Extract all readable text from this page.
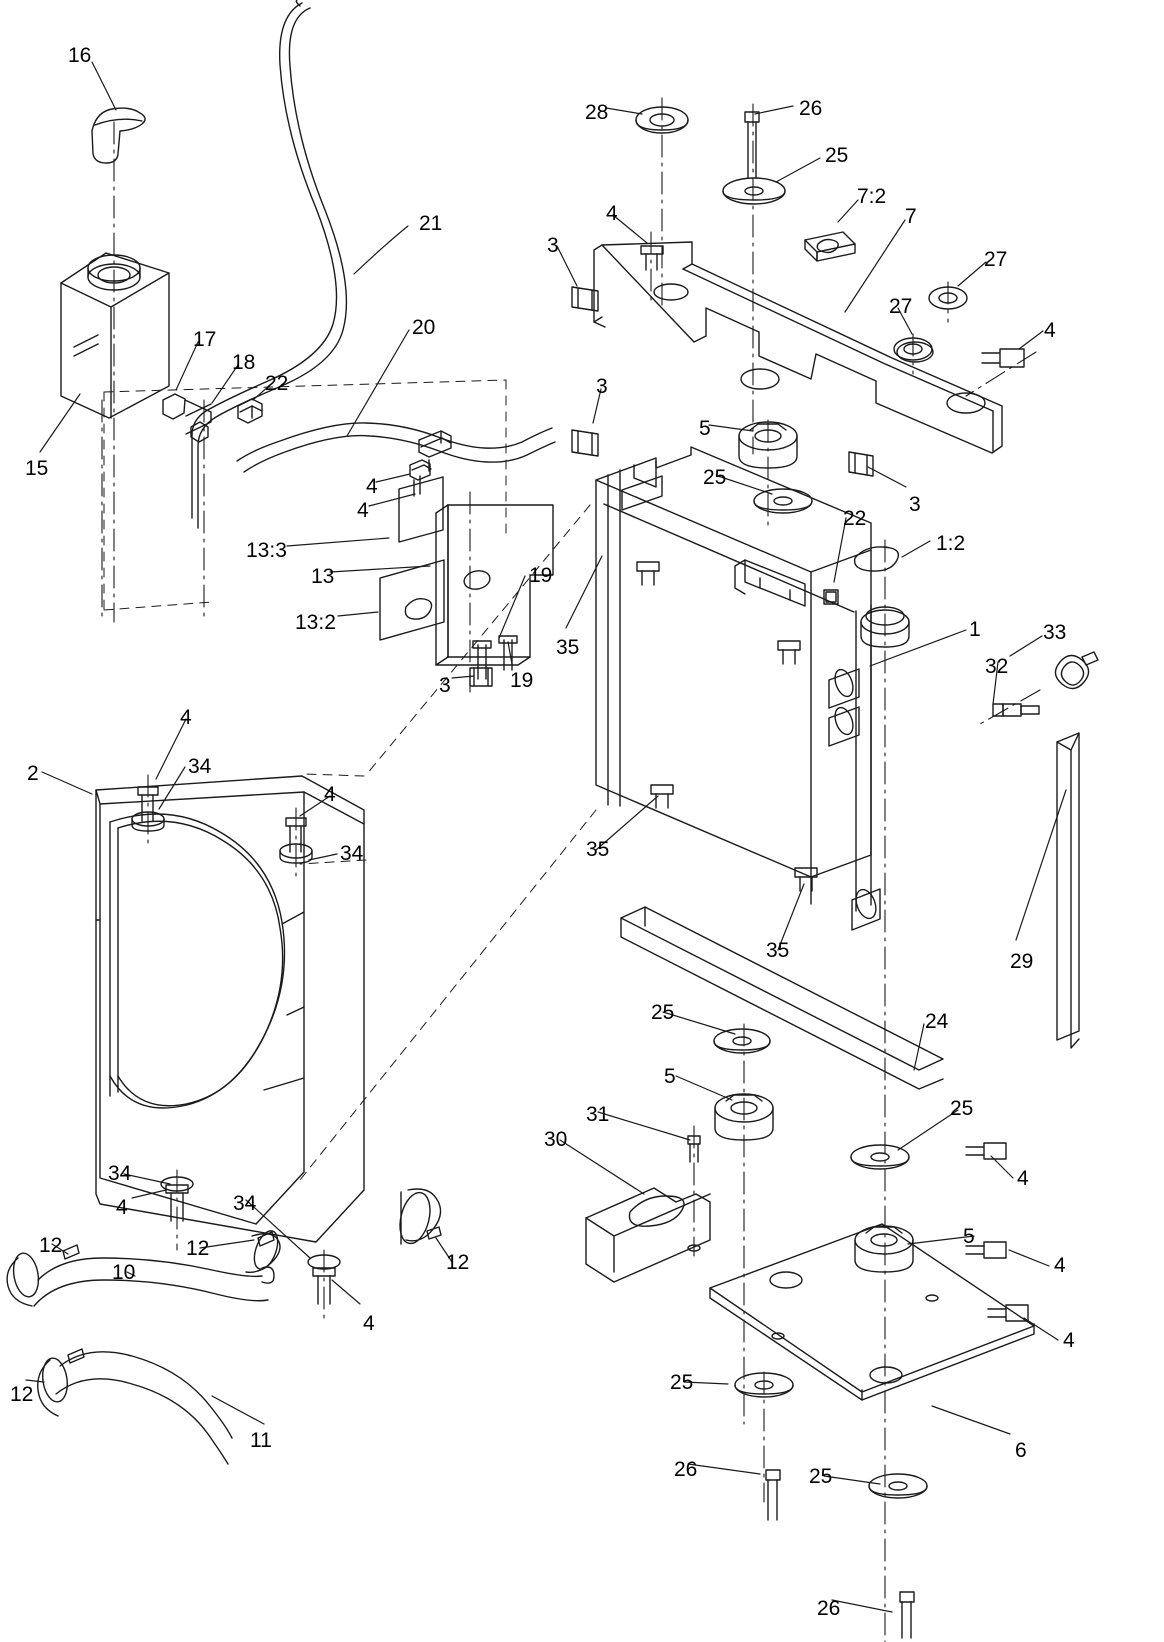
16
21
28	26
25
7:2
7
27
27
4
3
4
17
18
22
20
3
15
5
3
25
4
4	22
1:2
13:3
13	19
35
13:2	1	33
32
3	19
4
2	34
4
34	35
35	29
25	24
5
25
31
30
4
34
4	34
12	12
5
10	12	4
4
4
12
25
11	6
26	25
26
